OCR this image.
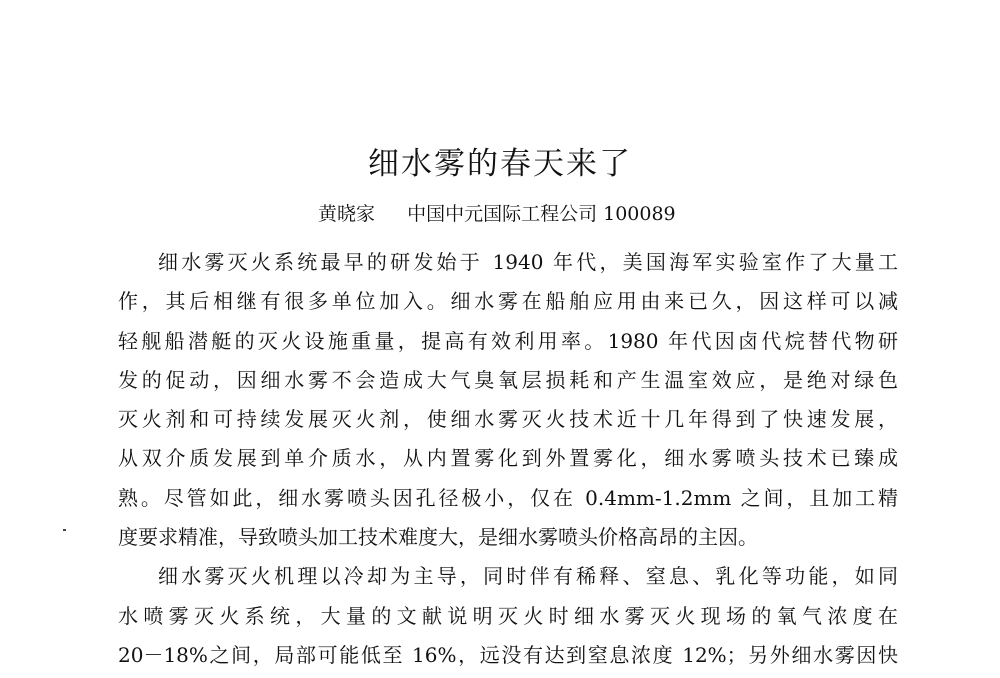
细水雾的春天来了
黄晓家 中国中元国际工程公司 100089
细水雾灭火系统最早的研发始于 1940 年代，美国海军实验室作了大量工
作，其后相继有很多单位加入。细水雾在船舶应用由来已久，因这样可以减
轻舰船潜艇的灭火设施重量，提高有效利用率。1980 年代因卤代烷替代物研
发的促动，因细水雾不会造成大气臭氧层损耗和产生温室效应，是绝对绿色
灭火剂和可持续发展灭火剂，使细水雾灭火技术近十几年得到了快速发展，
从双介质发展到单介质水，从内置雾化到外置雾化，细水雾喷头技术已臻成
熟。尽管如此，细水雾喷头因孔径极小，仅在 0.4mm-1.2mm 之间，且加工精
度要求精准，导致喷头加工技术难度大，是细水雾喷头价格高昂的主因。
细水雾灭火机理以冷却为主导，同时伴有稀释、窒息、乳化等功能，如同
水喷雾灭火系统，大量的文献说明灭火时细水雾灭火现场的氧气浓度在
20－18%之间，局部可能低至 16%，远没有达到窒息浓度 12%；另外细水雾因快
